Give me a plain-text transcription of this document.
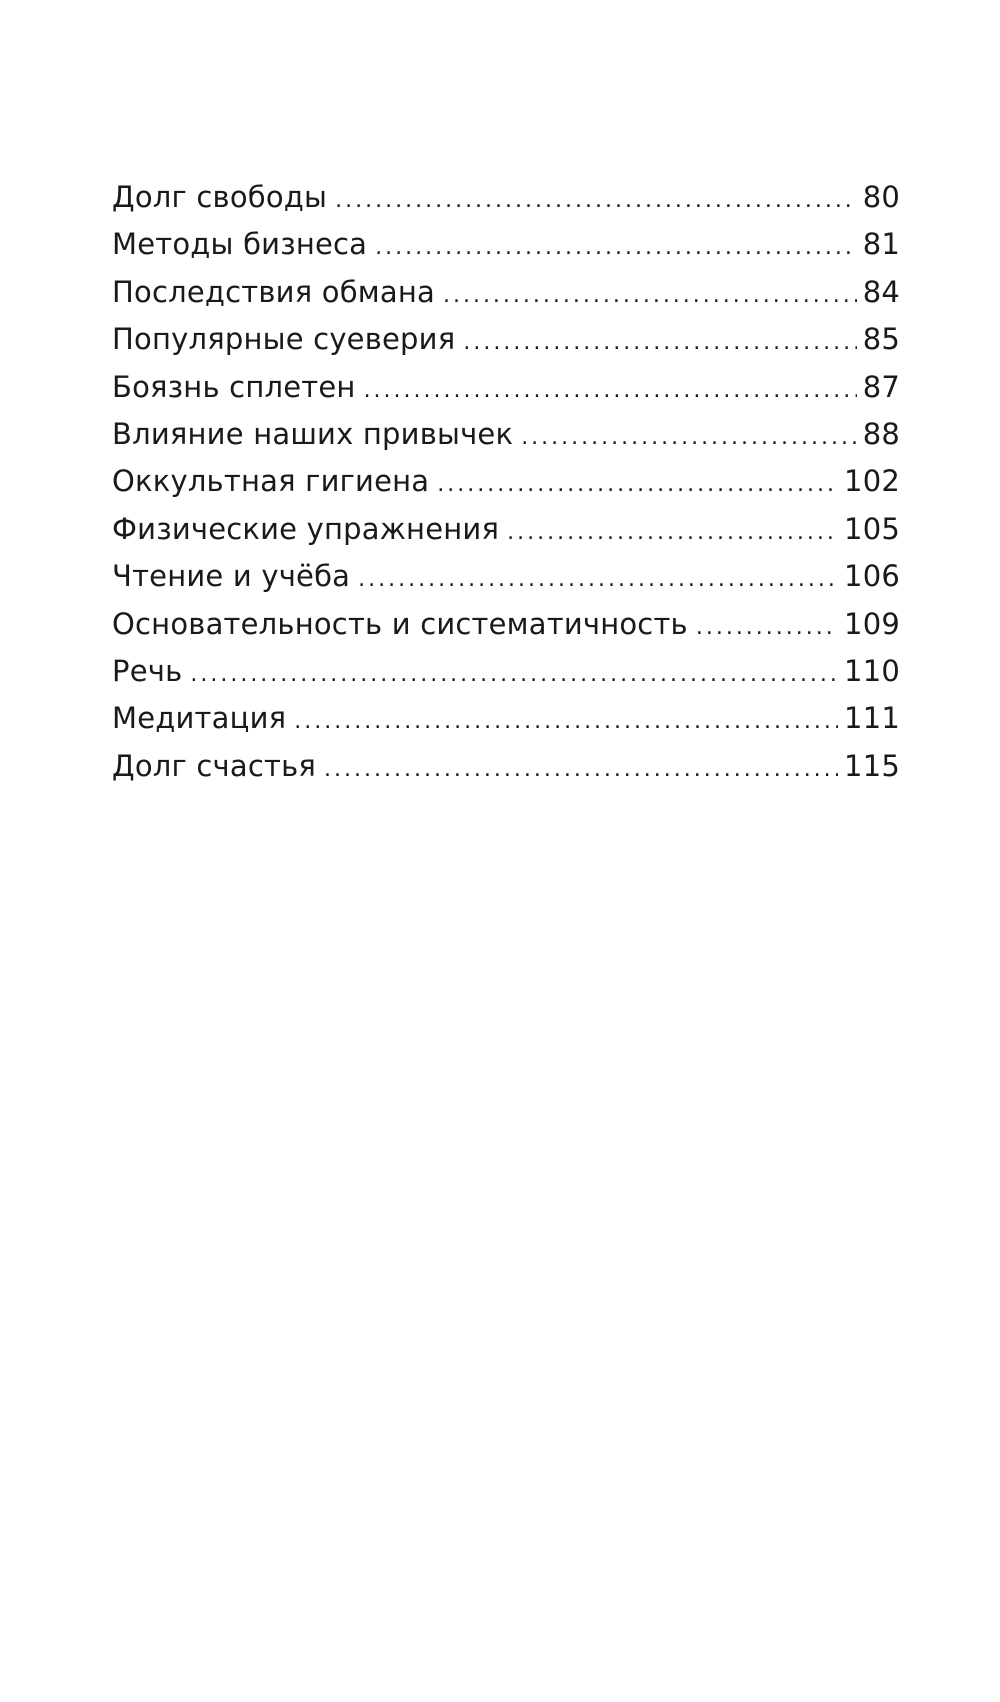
Долг свободы .....	80
Методы бизнеса .....	81
Последствия обмана .....	84
Популярные суеверия .....	85
Боязнь сплетен .....	87
Влияние наших привычек .....	88
Оккультная гигиена .....	102
Физические упражнения .....	105
Чтение и учёба .....	106
Основательность и систематичность .....	109
Речь .....	110
Медитация .....	111
Долг счастья .....	115
